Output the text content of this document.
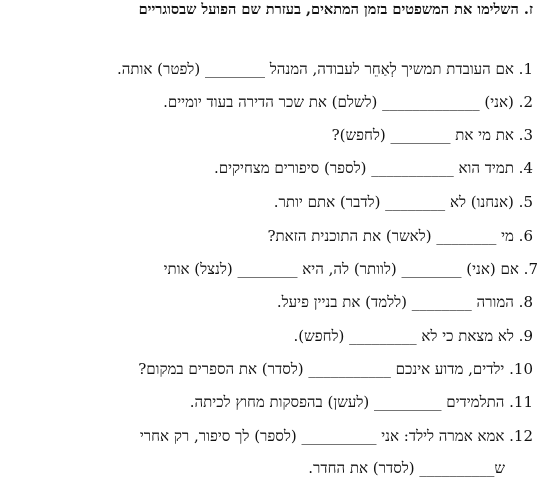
ז. השלימו את המשפטים בזמן המתאים, בעזרת שם הפועל שבסוגריים
1. אם העובדת תמשיך לְאַחֵר לעבודה, המנהל ________ (לפטר) אותה.
2. (אני) _____________ (לשלם) את שכר הדירה בעוד יומיים.
3. את מי את ________ (לחפש)?
4. תמיד הוא ___________ (לספר) סיפורים מצחיקים.
5. (אנחנו) לא ________ (לדבר) אתם יותר.
6. מי ________ (לאשר) את התוכנית הזאת?
7. אם (אני) ________ (לוותר) לה, היא ________ (לנצל) אותי
8. המורה ________ (ללמד) את בניין פיעל.
9. לא מצאת כי לא _________ (לחפש).
10. ילדים, מדוע אינכם ___________ (לסדר) את הספרים במקום?
11. התלמידים _________ (לעשן) בהפסקות מחוץ לכיתה.
12. אמא אמרה לילד: אני __________ (לספר) לך סיפור, רק אחרי
ש__________ (לסדר) את החדר.
